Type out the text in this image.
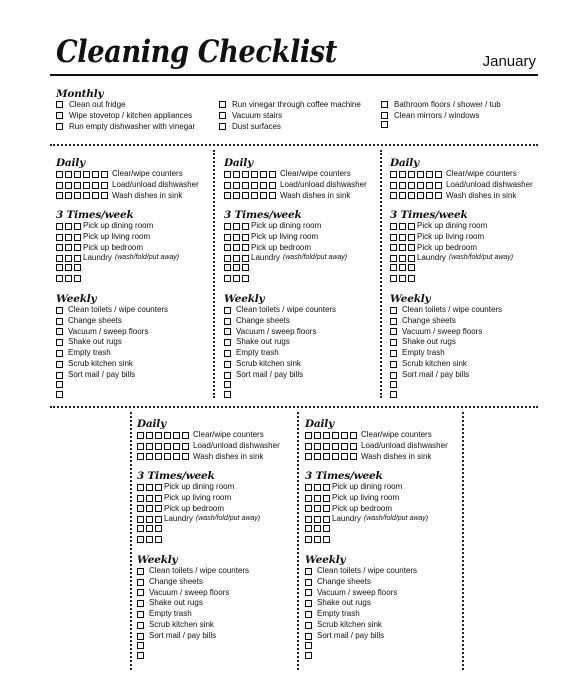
Cleaning Checklist	January
Monthly
Clean out fridge
Wipe stovetop / kitchen appliances
Run empty dishwasher with vinegar
Run vinegar through coffee machine
Vacuum stairs
Dust surfaces
Bathroom floors / shower / tub
Clean mirrors / windows
Daily
Clear/wipe counters
Load/unload dishwasher
Wash dishes in sink
3 Times/week
Pick up dining room
Pick up living room
Pick up bedroom
Laundry (wash/fold/put away)
Weekly
Clean toilets / wipe counters
Change sheets
Vacuum / sweep floors
Shake out rugs
Empty trash
Scrub kitchen sink
Sort mail / pay bills
Daily
Clear/wipe counters
Load/unload dishwasher
Wash dishes in sink
3 Times/week
Pick up dining room
Pick up living room
Pick up bedroom
Laundry (wash/fold/put away)
Weekly
Clean toilets / wipe counters
Change sheets
Vacuum / sweep floors
Shake out rugs
Empty trash
Scrub kitchen sink
Sort mail / pay bills
Daily
Clear/wipe counters
Load/unload dishwasher
Wash dishes in sink
3 Times/week
Pick up dining room
Pick up living room
Pick up bedroom
Laundry (wash/fold/put away)
Weekly
Clean toilets / wipe counters
Change sheets
Vacuum / sweep floors
Shake out rugs
Empty trash
Scrub kitchen sink
Sort mail / pay bills
Daily
Clear/wipe counters
Load/unload dishwasher
Wash dishes in sink
3 Times/week
Pick up dining room
Pick up living room
Pick up bedroom
Laundry (wash/fold/put away)
Weekly
Clean toilets / wipe counters
Change sheets
Vacuum / sweep floors
Shake out rugs
Empty trash
Scrub kitchen sink
Sort mail / pay bills
Daily
Clear/wipe counters
Load/unload dishwasher
Wash dishes in sink
3 Times/week
Pick up dining room
Pick up living room
Pick up bedroom
Laundry (wash/fold/put away)
Weekly
Clean toilets / wipe counters
Change sheets
Vacuum / sweep floors
Shake out rugs
Empty trash
Scrub kitchen sink
Sort mail / pay bills
